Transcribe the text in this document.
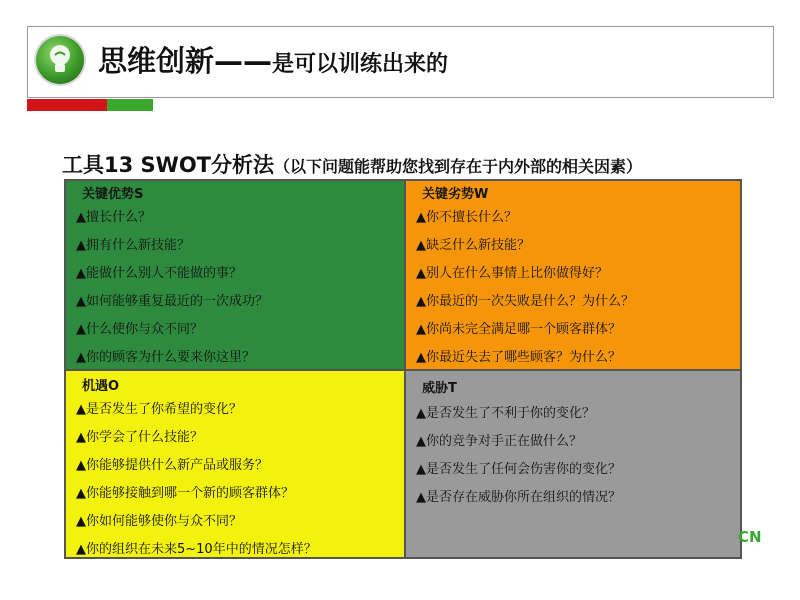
思维创新——是可以训练出来的
工具13 SWOT分析法（以下问题能帮助您找到存在于内外部的相关因素）
关键优势S
▲擅长什么？
▲拥有什么新技能？
▲能做什么别人不能做的事？
▲如何能够重复最近的一次成功？
▲什么使你与众不同？
▲你的顾客为什么要来你这里？
关键劣势W
▲你不擅长什么？
▲缺乏什么新技能？
▲别人在什么事情上比你做得好？
▲你最近的一次失败是什么？为什么？
▲你尚未完全满足哪一个顾客群体？
▲你最近失去了哪些顾客？为什么？
机遇O
▲是否发生了你希望的变化？
▲你学会了什么技能？
▲你能够提供什么新产品或服务？
▲你能够接触到哪一个新的顾客群体？
▲你如何能够使你与众不同？
▲你的组织在未来5~10年中的情况怎样？
威胁T
▲是否发生了不利于你的变化？
▲你的竞争对手正在做什么？
▲是否发生了任何会伤害你的变化？
▲是否存在威胁你所在组织的情况？
CN
